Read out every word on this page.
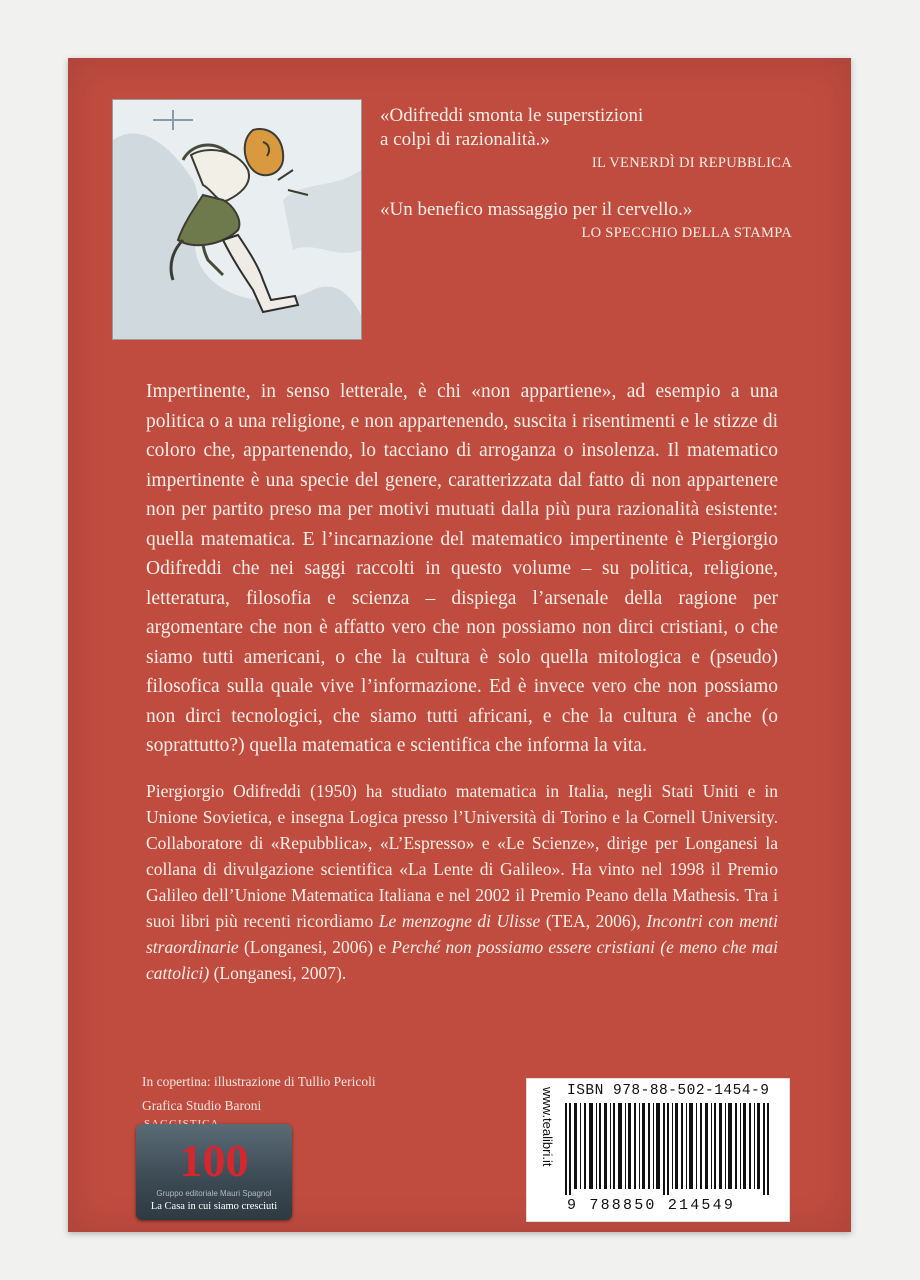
«Odifreddi smonta le superstizioni
a colpi di razionalità.»
IL VENERDÌ DI REPUBBLICA
«Un benefico massaggio per il cervello.»
LO SPECCHIO DELLA STAMPA

Impertinente, in senso letterale, è chi «non appartiene», ad esempio a una politica o a una religione, e non appartenendo, suscita i risentimenti e le stizze di coloro che, appartenendo, lo tacciano di arroganza o insolenza. Il matematico impertinente è una specie del genere, caratterizzata dal fatto di non appartenere non per partito preso ma per motivi mutuati dalla più pura razionalità esistente: quella matematica. E l’incarnazione del matematico impertinente è Piergiorgio Odifreddi che nei saggi raccolti in questo volume – su politica, religione, letteratura, filosofia e scienza – dispiega l’arsenale della ragione per argomentare che non è affatto vero che non possiamo non dirci cristiani, o che siamo tutti americani, o che la cultura è solo quella mitologica e (pseudo) filosofica sulla quale vive l’informazione. Ed è invece vero che non possiamo non dirci tecnologici, che siamo tutti africani, e che la cultura è anche (o soprattutto?) quella matematica e scientifica che informa la vita.

Piergiorgio Odifreddi (1950) ha studiato matematica in Italia, negli Stati Uniti e in Unione Sovietica, e insegna Logica presso l’Università di Torino e la Cornell University. Collaboratore di «Repubblica», «L’Espresso» e «Le Scienze», dirige per Longanesi la collana di divulgazione scientifica «La Lente di Galileo». Ha vinto nel 1998 il Premio Galileo dell’Unione Matematica Italiana e nel 2002 il Premio Peano della Mathesis. Tra i suoi libri più recenti ricordiamo Le menzogne di Ulisse (TEA, 2006), Incontri con menti straordinarie (Longanesi, 2006) e Perché non possiamo essere cristiani (e meno che mai cattolici) (Longanesi, 2007).

In copertina: illustrazione di Tullio Pericoli
Grafica Studio Baroni
100
Gruppo editoriale Mauri Spagnol
La Casa in cui siamo cresciuti
www.tealibri.it ISBN 978-88-502-1454-9
9 788850 214549
